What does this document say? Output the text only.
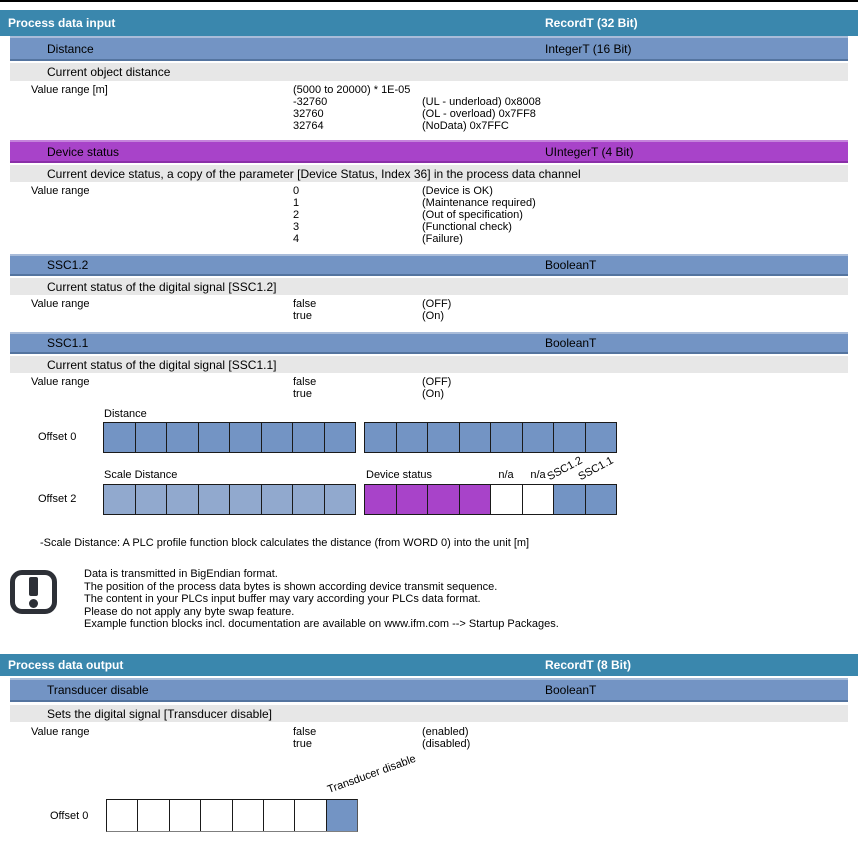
Process data input	RecordT (32 Bit)
Distance	IntegerT (16 Bit)
Current object distance
Value range [m]	(5000 to 20000) * 1E-05
-32760	(UL - underload) 0x8008
32760	(OL - overload) 0x7FF8
32764	(NoData) 0x7FFC
Device status	UIntegerT (4 Bit)
Current device status, a copy of the parameter [Device Status, Index 36] in the process data channel
Value range	0	(Device is OK)
1	(Maintenance required)
2	(Out of specification)
3	(Functional check)
4	(Failure)
SSC1.2	BooleanT
Current status of the digital signal [SSC1.2]
Value range	false	(OFF)
true	(On)
SSC1.1	BooleanT
Current status of the digital signal [SSC1.1]
Value range	false	(OFF)
true	(On)
Distance
Offset 0
Scale Distance	Device status	n/a	n/a SSC1.2
SSC1.1
Offset 2
-Scale Distance: A PLC profile function block calculates the distance (from WORD 0) into the unit [m]
Data is transmitted in BigEndian format.
The position of the process data bytes is shown according device transmit sequence.
The content in your PLCs input buffer may vary according your PLCs data format.
Please do not apply any byte swap feature.
Example function blocks incl. documentation are available on www.ifm.com --> Startup Packages.
Process data output	RecordT (8 Bit)
Transducer disable	BooleanT
Sets the digital signal [Transducer disable]
Value range	false	(enabled)
true	(disabled)
Transducer disable
Offset 0
